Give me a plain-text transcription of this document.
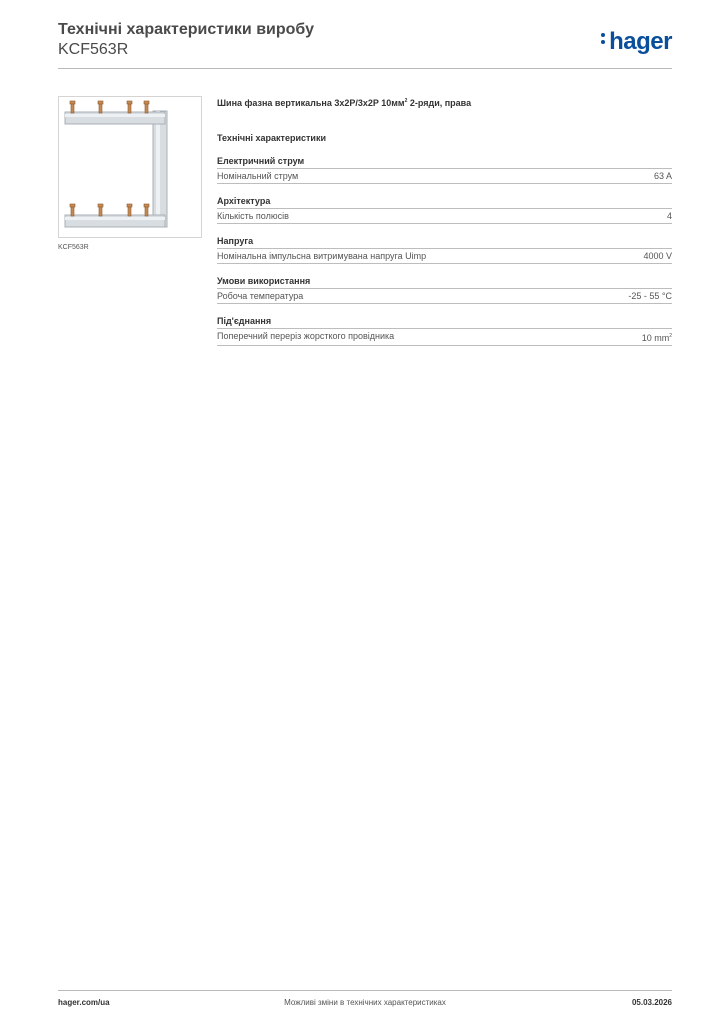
Технічні характеристики виробу
KCF563R	hager
KCF563R
Шина фазна вертикальна 3x2P/3x2P $10мм^2$ 2-ряди, права
Технічні характеристики
Електричний струм
Номінальний струм	63 A
Архітектура
Кількість полюсів	4
Напруга
Номінальна імпульсна витримувана напруга Uimp	4000 V
Умови використання
Робоча температура	-25 - 55 °C
Під'єднання
Поперечний переріз жорсткого провідника	10 $mm^2$
hager.com/ua	Можливі зміни в технічних характеристиках	05.03.2026
